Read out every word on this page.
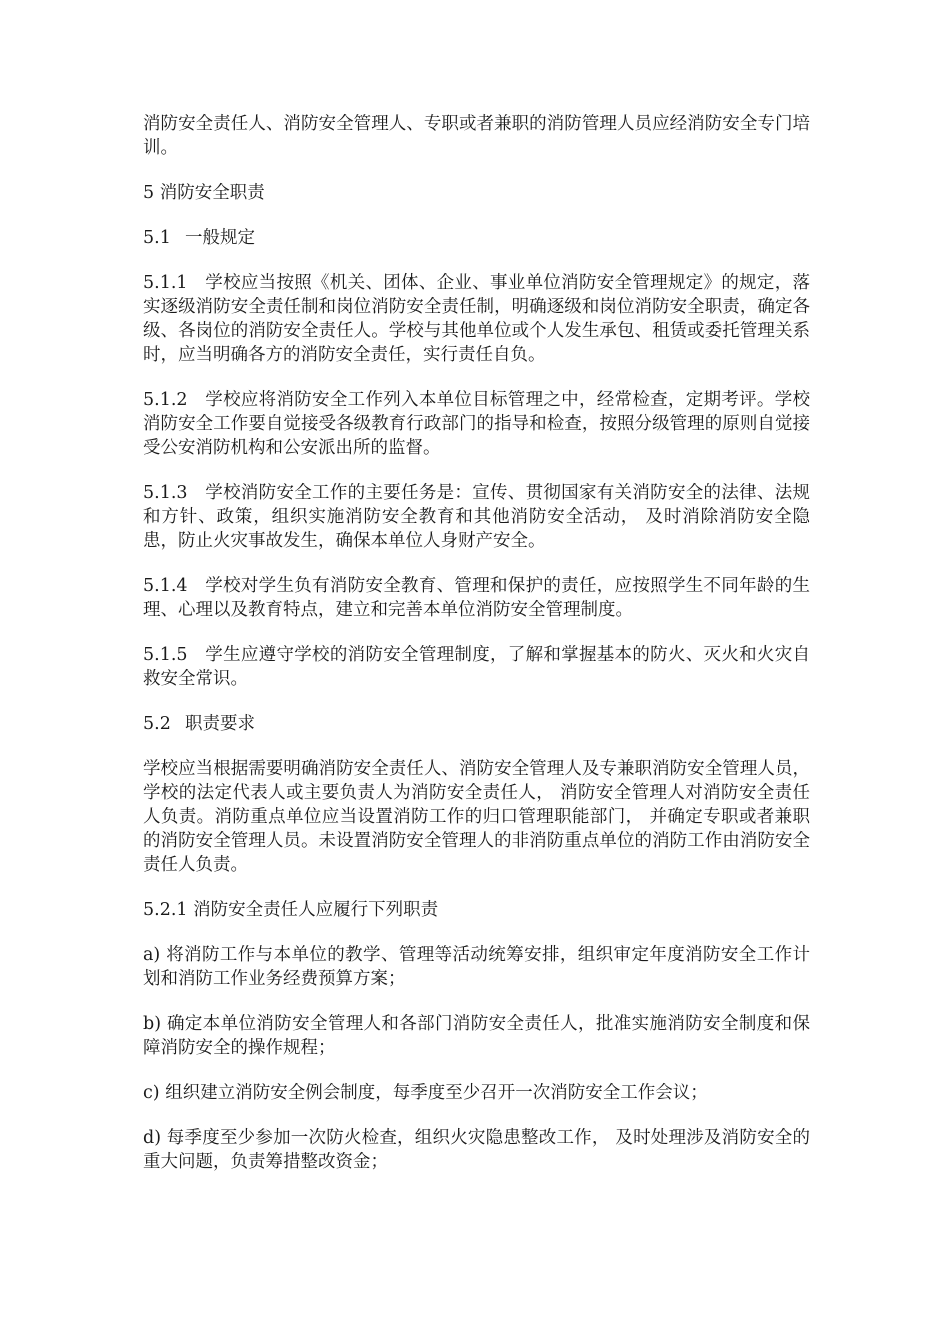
消防安全责任人、消防安全管理人、专职或者兼职的消防管理人员应经消防安全专门培训。

5 消防安全职责

5.1 一般规定

5.1.1 学校应当按照《机关、团体、企业、事业单位消防安全管理规定》的规定，落实逐级消防安全责任制和岗位消防安全责任制，明确逐级和岗位消防安全职责，确定各级、各岗位的消防安全责任人。学校与其他单位或个人发生承包、租赁或委托管理关系时，应当明确各方的消防安全责任，实行责任自负。

5.1.2 学校应将消防安全工作列入本单位目标管理之中，经常检查，定期考评。学校消防安全工作要自觉接受各级教育行政部门的指导和检查，按照分级管理的原则自觉接受公安消防机构和公安派出所的监督。

5.1.3 学校消防安全工作的主要任务是：宣传、贯彻国家有关消防安全的法律、法规和方针、政策，组织实施消防安全教育和其他消防安全活动， 及时消除消防安全隐患，防止火灾事故发生，确保本单位人身财产安全。

5.1.4 学校对学生负有消防安全教育、管理和保护的责任，应按照学生不同年龄的生理、心理以及教育特点，建立和完善本单位消防安全管理制度。

5.1.5 学生应遵守学校的消防安全管理制度，了解和掌握基本的防火、灭火和火灾自救安全常识。

5.2 职责要求

学校应当根据需要明确消防安全责任人、消防安全管理人及专兼职消防安全管理人员，学校的法定代表人或主要负责人为消防安全责任人， 消防安全管理人对消防安全责任人负责。消防重点单位应当设置消防工作的归口管理职能部门， 并确定专职或者兼职的消防安全管理人员。未设置消防安全管理人的非消防重点单位的消防工作由消防安全责任人负责。

5.2.1 消防安全责任人应履行下列职责

a) 将消防工作与本单位的教学、管理等活动统筹安排，组织审定年度消防安全工作计划和消防工作业务经费预算方案；

b) 确定本单位消防安全管理人和各部门消防安全责任人，批准实施消防安全制度和保障消防安全的操作规程；

c) 组织建立消防安全例会制度，每季度至少召开一次消防安全工作会议；

d) 每季度至少参加一次防火检查，组织火灾隐患整改工作， 及时处理涉及消防安全的重大问题，负责筹措整改资金；
